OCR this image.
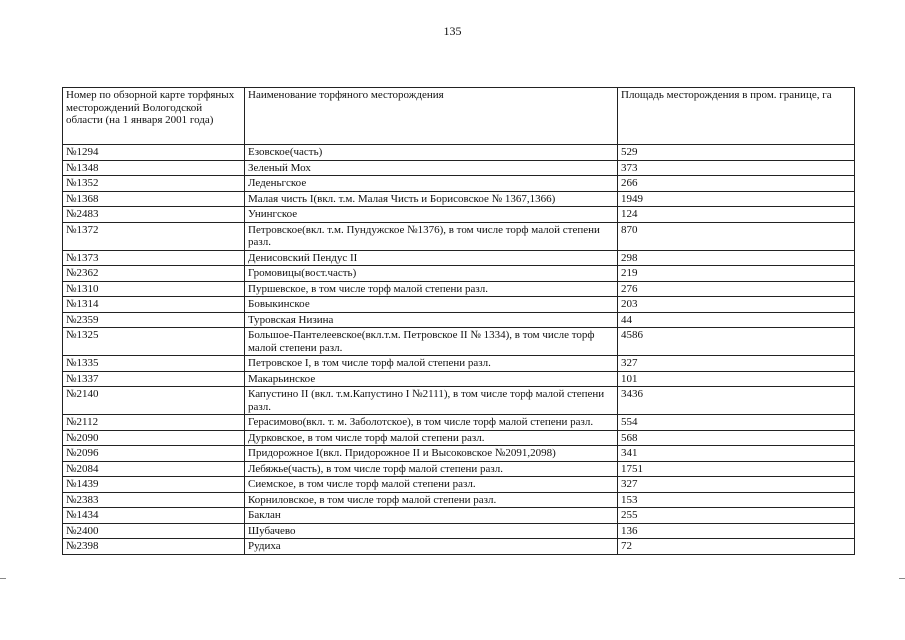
135
Номер по обзорной карте торфяных месторождений Вологодской области (на 1 января 2001 года)	Наименование торфяного месторождения	Площадь месторождения в пром. границе, га
№1294	Езовское(часть)	529
№1348	Зеленый Мох	373
№1352	Леденьгское	266
№1368	Малая чисть I(вкл. т.м. Малая Чисть и Борисовское № 1367,1366)	1949
№2483	Унингское	124
№1372	Петровское(вкл. т.м. Пундужское №1376), в том числе торф малой степени разл.	870
№1373	Денисовский Пендус II	298
№2362	Громовицы(вост.часть)	219
№1310	Пуршевское, в том числе торф малой степени разл.	276
№1314	Бовыкинское	203
№2359	Туровская Низина	44
№1325	Большое-Пантелеевское(вкл.т.м. Петровское II № 1334), в том числе торф малой степени разл.	4586
№1335	Петровское I, в том числе торф малой степени разл.	327
№1337	Макарьинское	101
№2140	Капустино II (вкл. т.м.Капустино I №2111), в том числе торф малой степени разл.	3436
№2112	Герасимово(вкл. т. м. Заболотское), в том числе торф малой степени разл.	554
№2090	Дурковское, в том числе торф малой степени разл.	568
№2096	Придорожное I(вкл. Придорожное II и Высоковское №2091,2098)	341
№2084	Лебяжье(часть), в том числе торф малой степени разл.	1751
№1439	Сиемское, в том числе торф малой степени разл.	327
№2383	Корниловское, в том числе торф малой степени разл.	153
№1434	Баклан	255
№2400	Шубачево	136
№2398	Рудиха	72
